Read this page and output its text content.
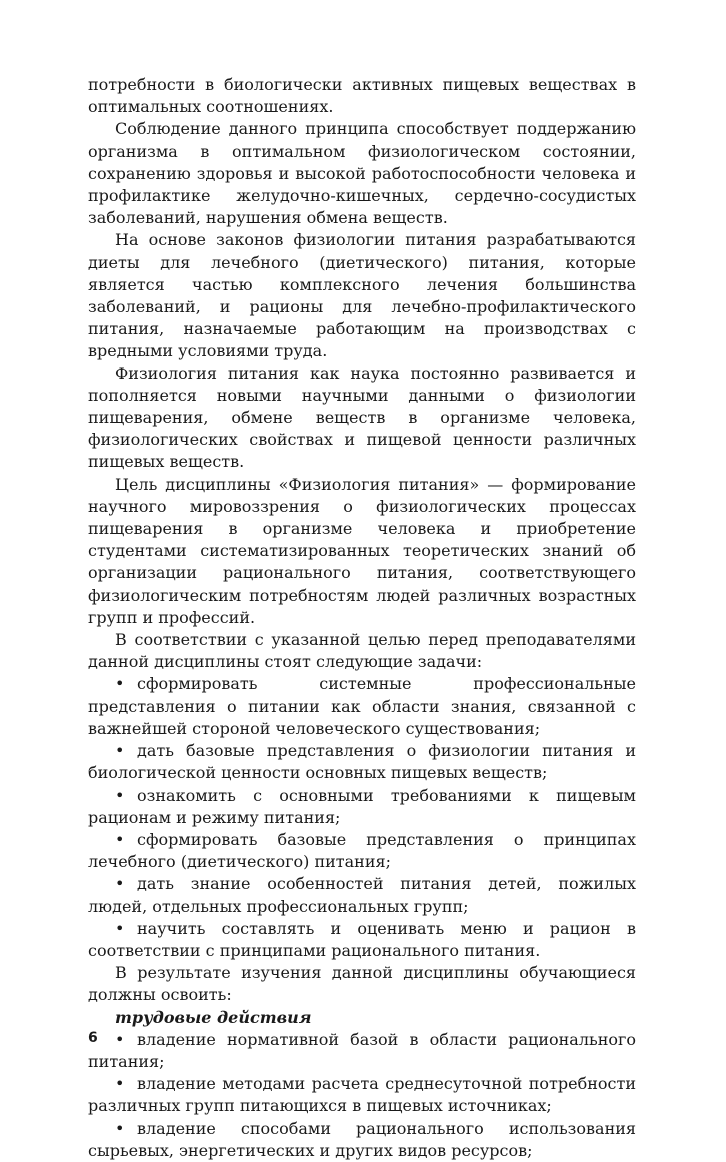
потребности в биологически активных пищевых веществах в оптимальных соотношениях.

Соблюдение данного принципа способствует поддержанию организма в оптимальном физиологическом состоянии, сохранению здоровья и высокой работоспособности человека и профилактике желудочно-кишечных, сердечно-сосудистых заболеваний, нарушения обмена веществ.

На основе законов физиологии питания разрабатываются диеты для лечебного (диетического) питания, которые является частью комплексного лечения большинства заболеваний, и рационы для лечебно-профилактического питания, назначаемые работающим на производствах с вредными условиями труда.

Физиология питания как наука постоянно развивается и пополняется новыми научными данными о физиологии пищеварения, обмене веществ в организме человека, физиологических свойствах и пищевой ценности различных пищевых веществ.

Цель дисциплины «Физиология питания» — формирование научного мировоззрения о физиологических процессах пищеварения в организме человека и приобретение студентами систематизированных теоретических знаний об организации рационального питания, соответствующего физиологическим потребностям людей различных возрастных групп и профессий.

В соответствии с указанной целью перед преподавателями данной дисциплины стоят следующие задачи:

• сформировать системные профессиональные представления о питании как области знания, связанной с важнейшей стороной человеческого существования;

• дать базовые представления о физиологии питания и биологической ценности основных пищевых веществ;

• ознакомить с основными требованиями к пищевым рационам и режиму питания;

• сформировать базовые представления о принципах лечебного (диетического) питания;

• дать знание особенностей питания детей, пожилых людей, отдельных профессиональных групп;

• научить составлять и оценивать меню и рацион в соответствии с принципами рационального питания.

В результате изучения данной дисциплины обучающиеся должны освоить:

трудовые действия

• владение нормативной базой в области рационального питания;

• владение методами расчета среднесуточной потребности различных групп питающихся в пищевых источниках;

• владение способами рационального использования сырьевых, энергетических и других видов ресурсов;

6
